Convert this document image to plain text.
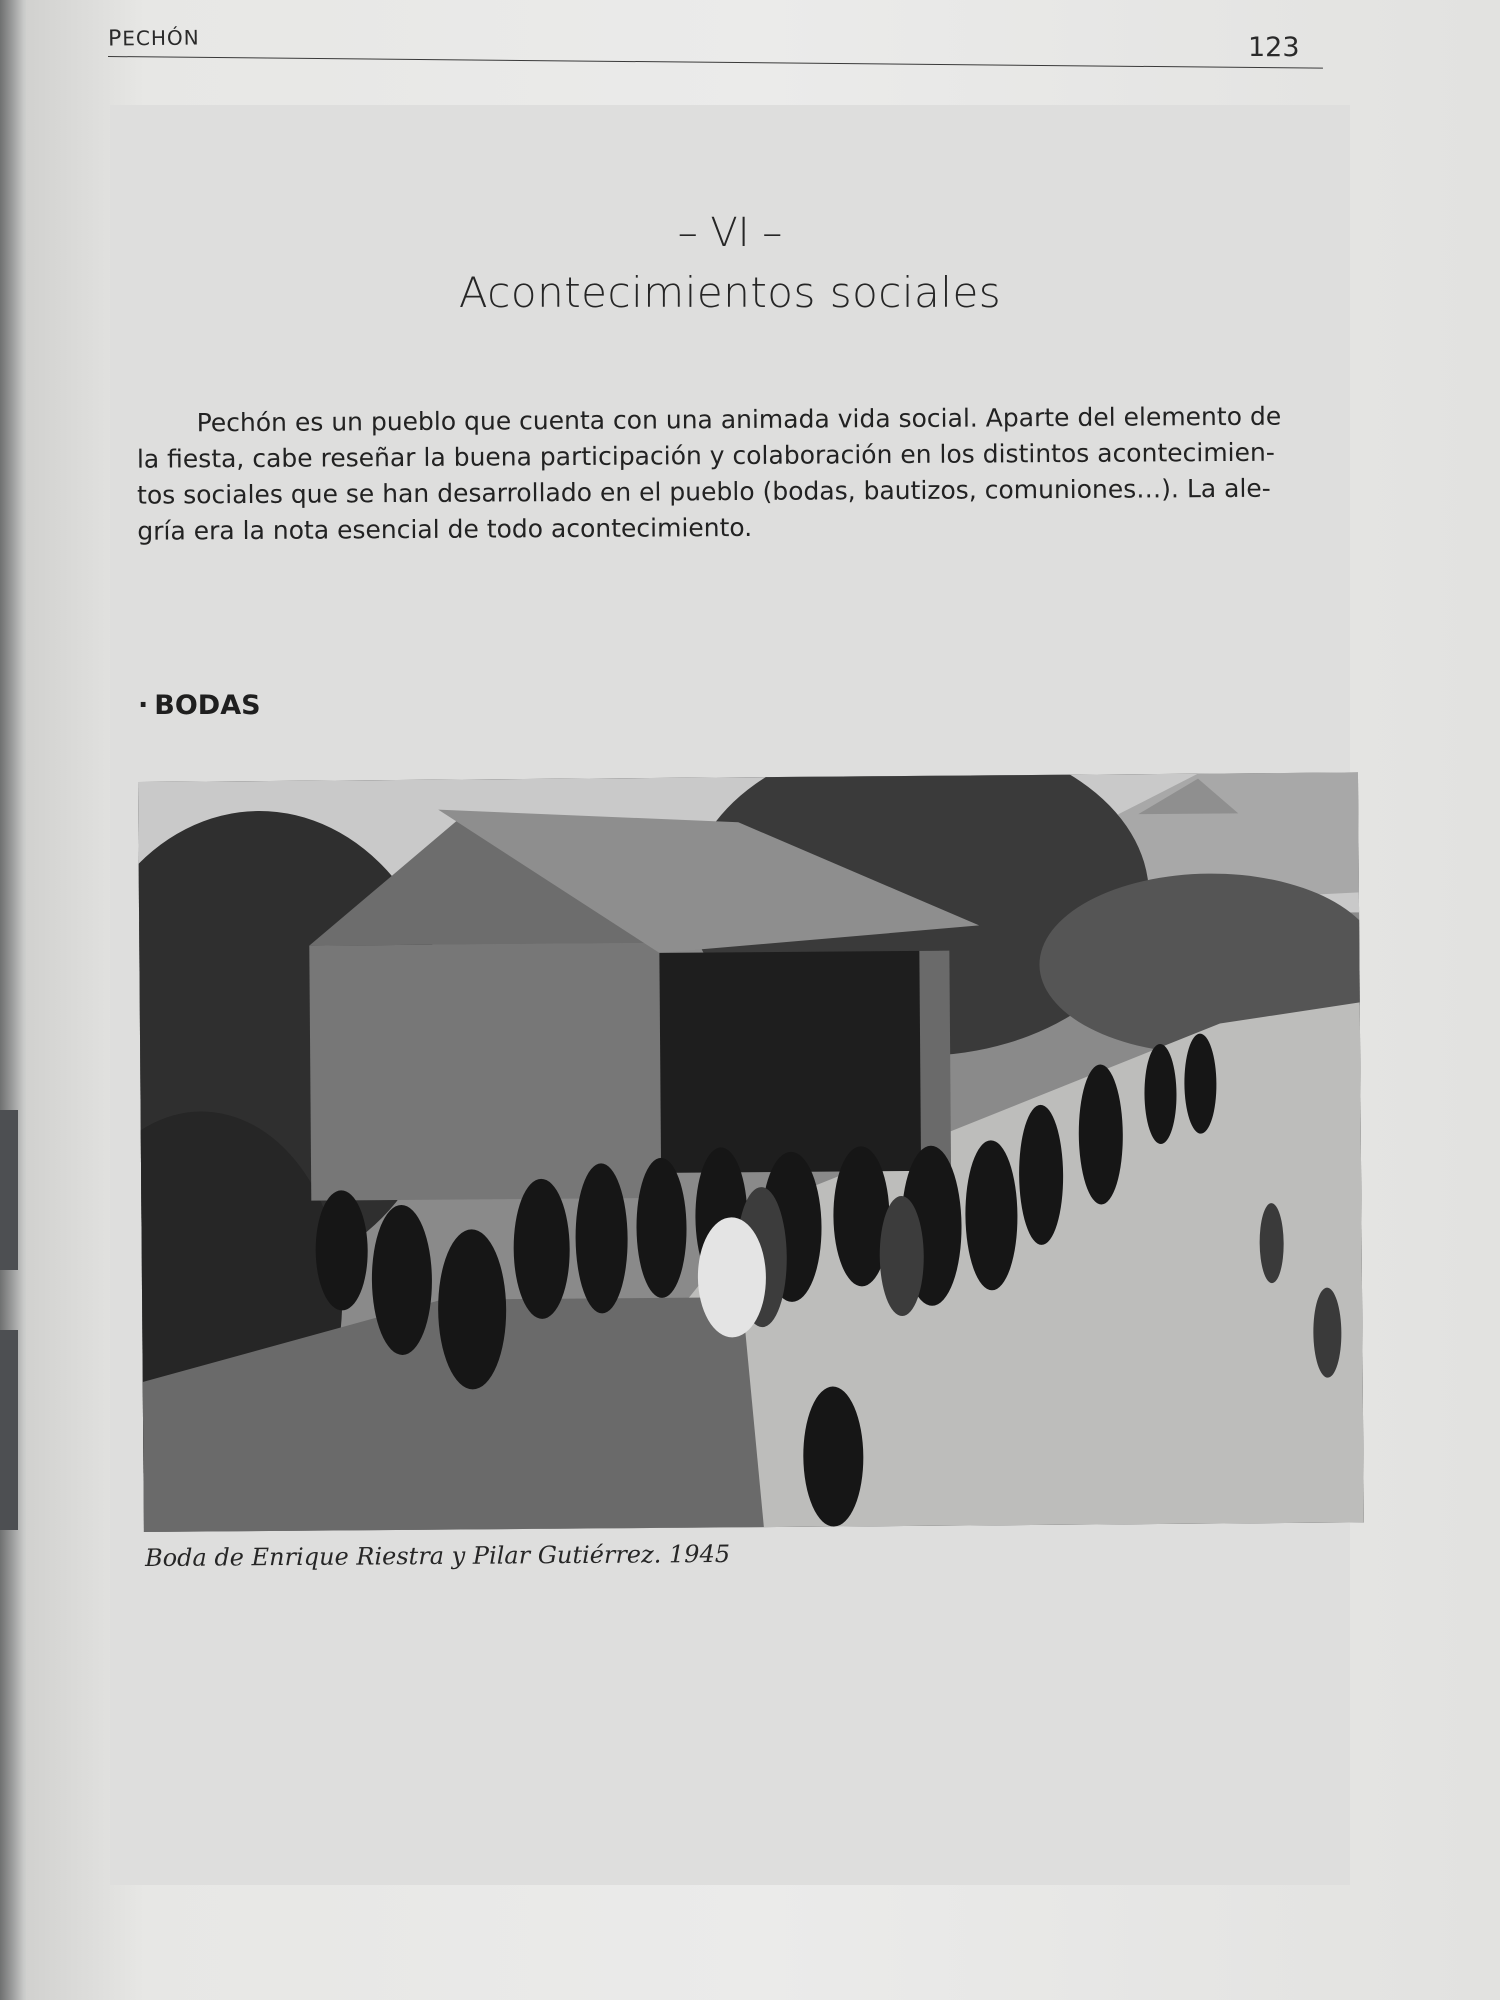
PECHÓN	123
– VI –
Acontecimientos sociales
Pechón es un pueblo que cuenta con una animada vida social. Aparte del elemento de
la fiesta, cabe reseñar la buena participación y colaboración en los distintos acontecimien-
tos sociales que se han desarrollado en el pueblo (bodas, bautizos, comuniones…). La ale-
gría era la nota esencial de todo acontecimiento.
· BODAS
Boda de Enrique Riestra y Pilar Gutiérrez. 1945
